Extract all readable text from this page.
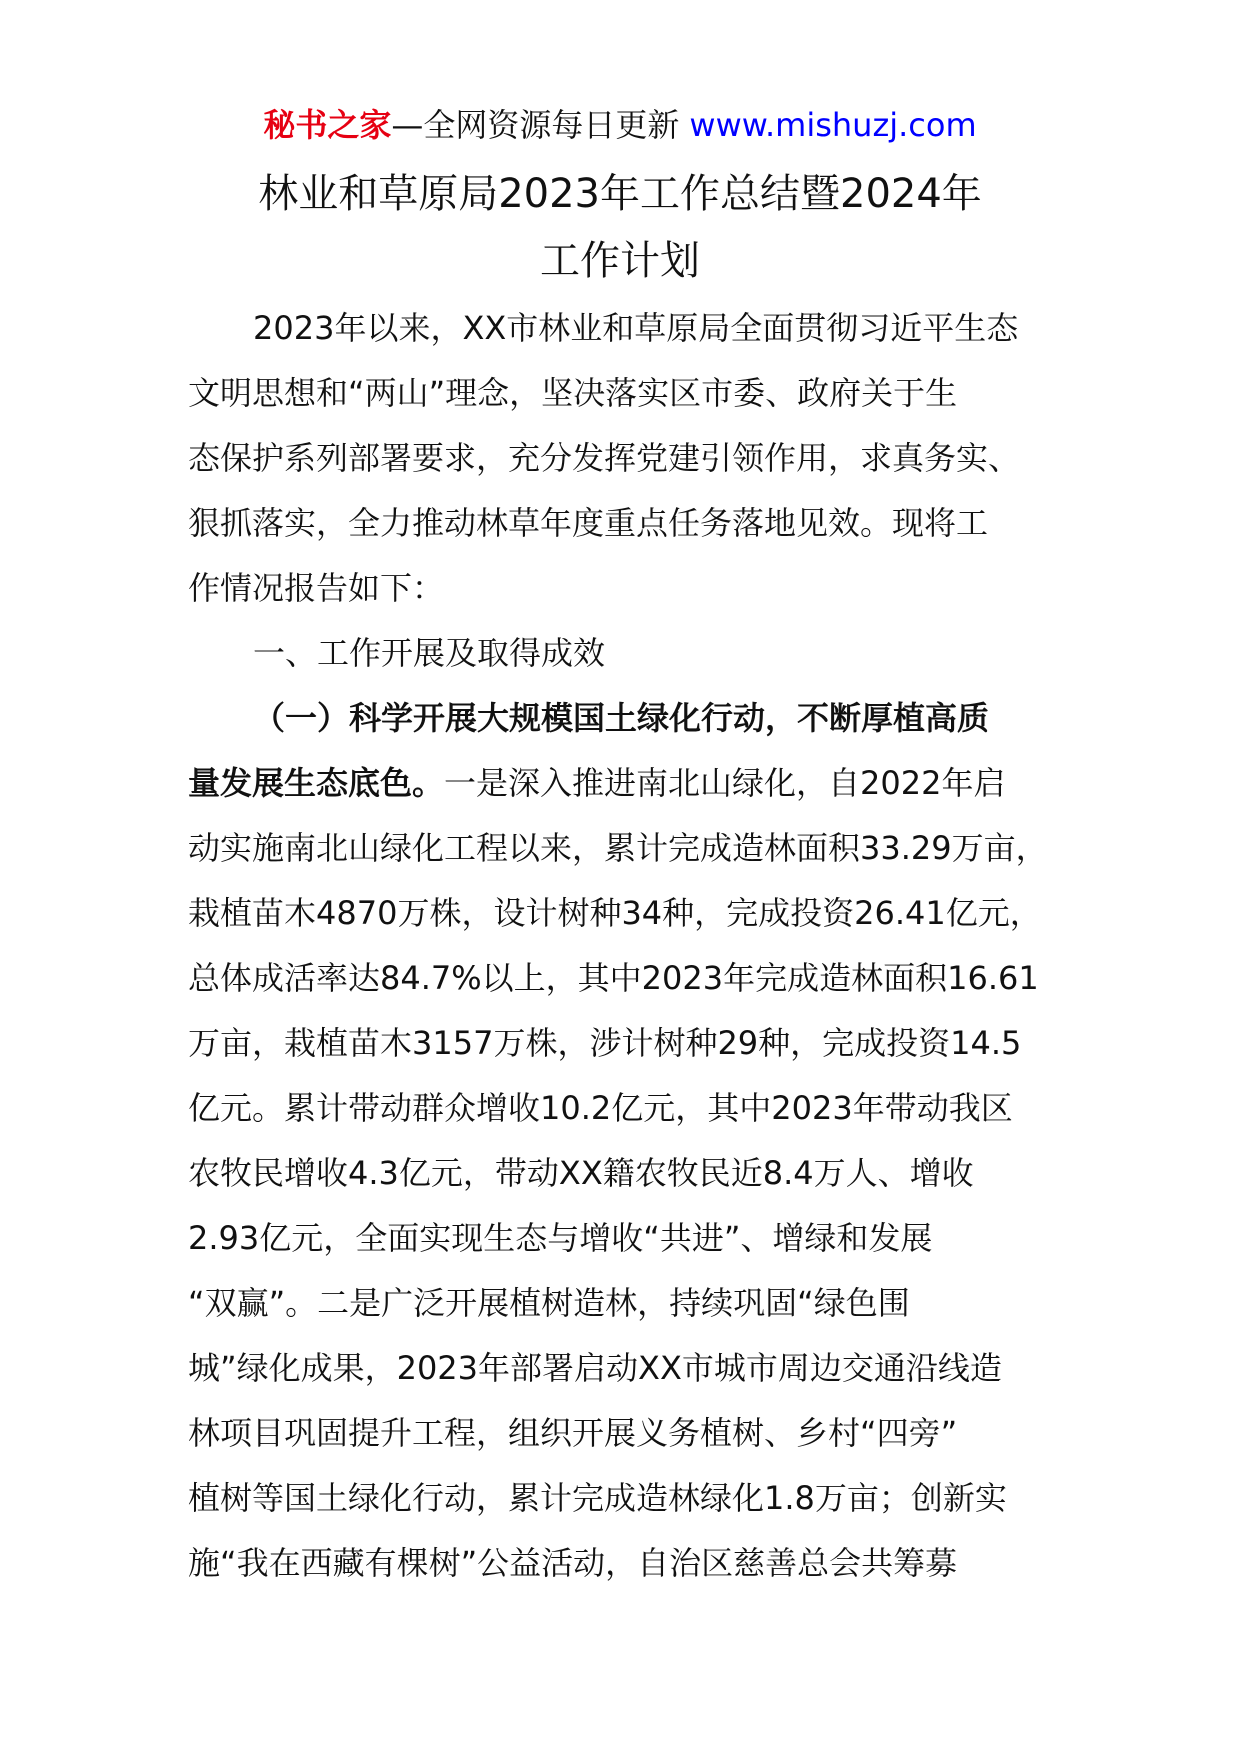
秘书之家—全网资源每日更新 www.mishuzj.com
林业和草原局2023年工作总结暨2024年
工作计划
2023年以来，XX市林业和草原局全面贯彻习近平生态
文明思想和“两山”理念，坚决落实区市委、政府关于生
态保护系列部署要求，充分发挥党建引领作用，求真务实、
狠抓落实，全力推动林草年度重点任务落地见效。现将工
作情况报告如下：
一、工作开展及取得成效
（一）科学开展大规模国土绿化行动，不断厚植高质
量发展生态底色。一是深入推进南北山绿化，自2022年启
动实施南北山绿化工程以来，累计完成造林面积33.29万亩，
栽植苗木4870万株，设计树种34种，完成投资26.41亿元，
总体成活率达84.7%以上，其中2023年完成造林面积16.61
万亩，栽植苗木3157万株，涉计树种29种，完成投资14.5
亿元。累计带动群众增收10.2亿元，其中2023年带动我区
农牧民增收4.3亿元，带动XX籍农牧民近8.4万人、增收
2.93亿元，全面实现生态与增收“共进”、增绿和发展
“双赢”。二是广泛开展植树造林，持续巩固“绿色围
城”绿化成果，2023年部署启动XX市城市周边交通沿线造
林项目巩固提升工程，组织开展义务植树、乡村“四旁”
植树等国土绿化行动，累计完成造林绿化1.8万亩；创新实
施“我在西藏有棵树”公益活动，自治区慈善总会共筹募
